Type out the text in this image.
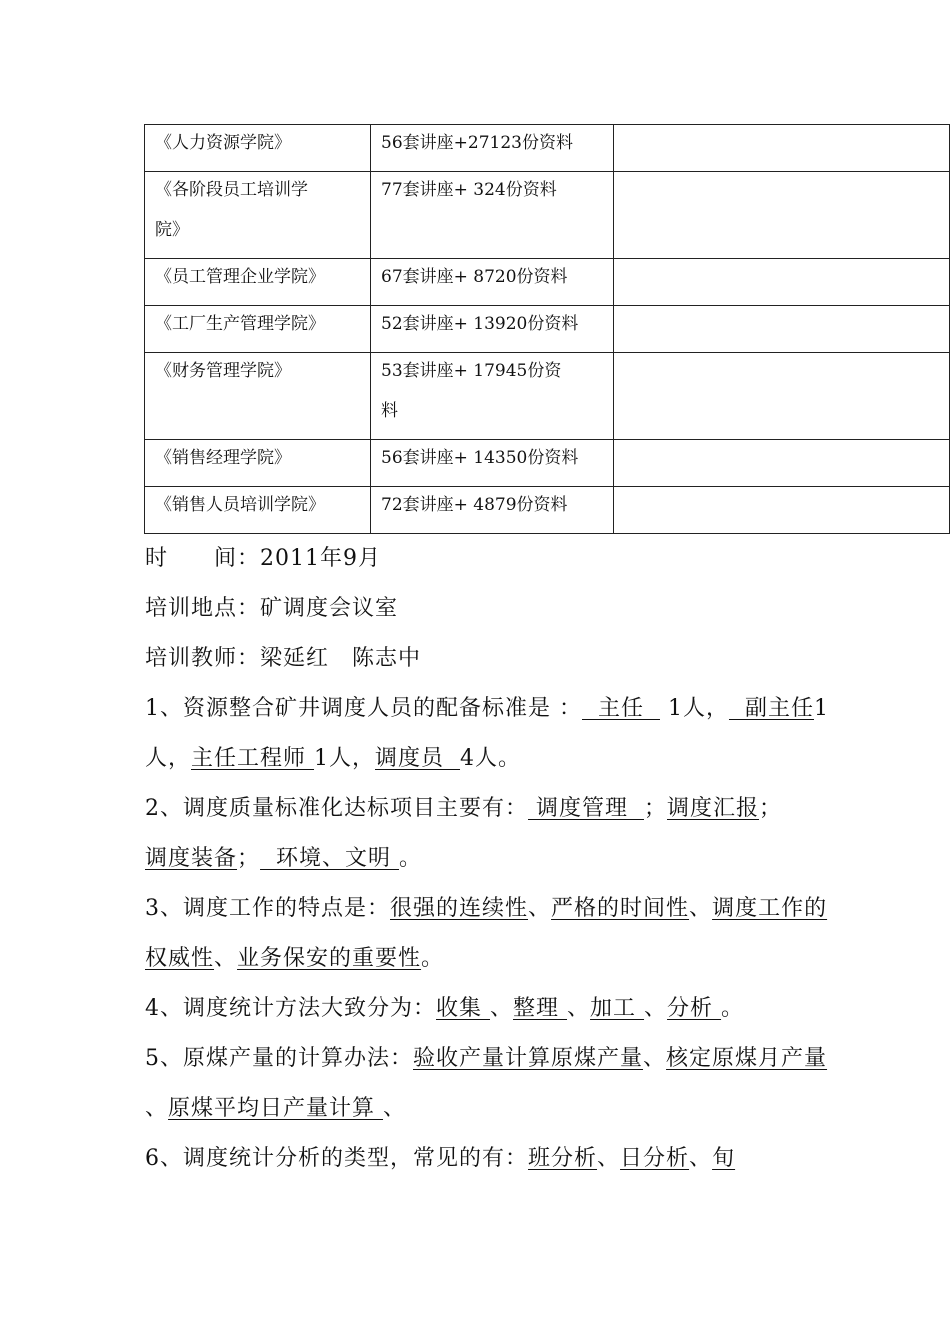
《人力资源学院》	56套讲座+27123份资料	

《各阶段员工培训学院》	77套讲座+ 324份资料	

《员工管理企业学院》	67套讲座+ 8720份资料	

《工厂生产管理学院》	52套讲座+ 13920份资料	

《财务管理学院》	53套讲座+ 17945份资料	

《销售经理学院》	56套讲座+ 14350份资料	

《销售人员培训学院》	72套讲座+ 4879份资料	

时　　间：2011年9月

培训地点：矿调度会议室

培训教师：梁延红　陈志中

1、资源整合矿井调度人员的配备标准是 ：  主任   1人，  副主任1人，主任工程师 1人，调度员  4人。

2、调度质量标准化达标项目主要有： 调度管理  ；调度汇报；调度装备；  环境、文明 。

3、调度工作的特点是：很强的连续性、严格的时间性、调度工作的权威性、业务保安的重要性。

4、调度统计方法大致分为：收集 、整理 、加工 、分析 。

5、原煤产量的计算办法：验收产量计算原煤产量、核定原煤月产量 、原煤平均日产量计算 、

6、调度统计分析的类型，常见的有：班分析、日分析、旬
